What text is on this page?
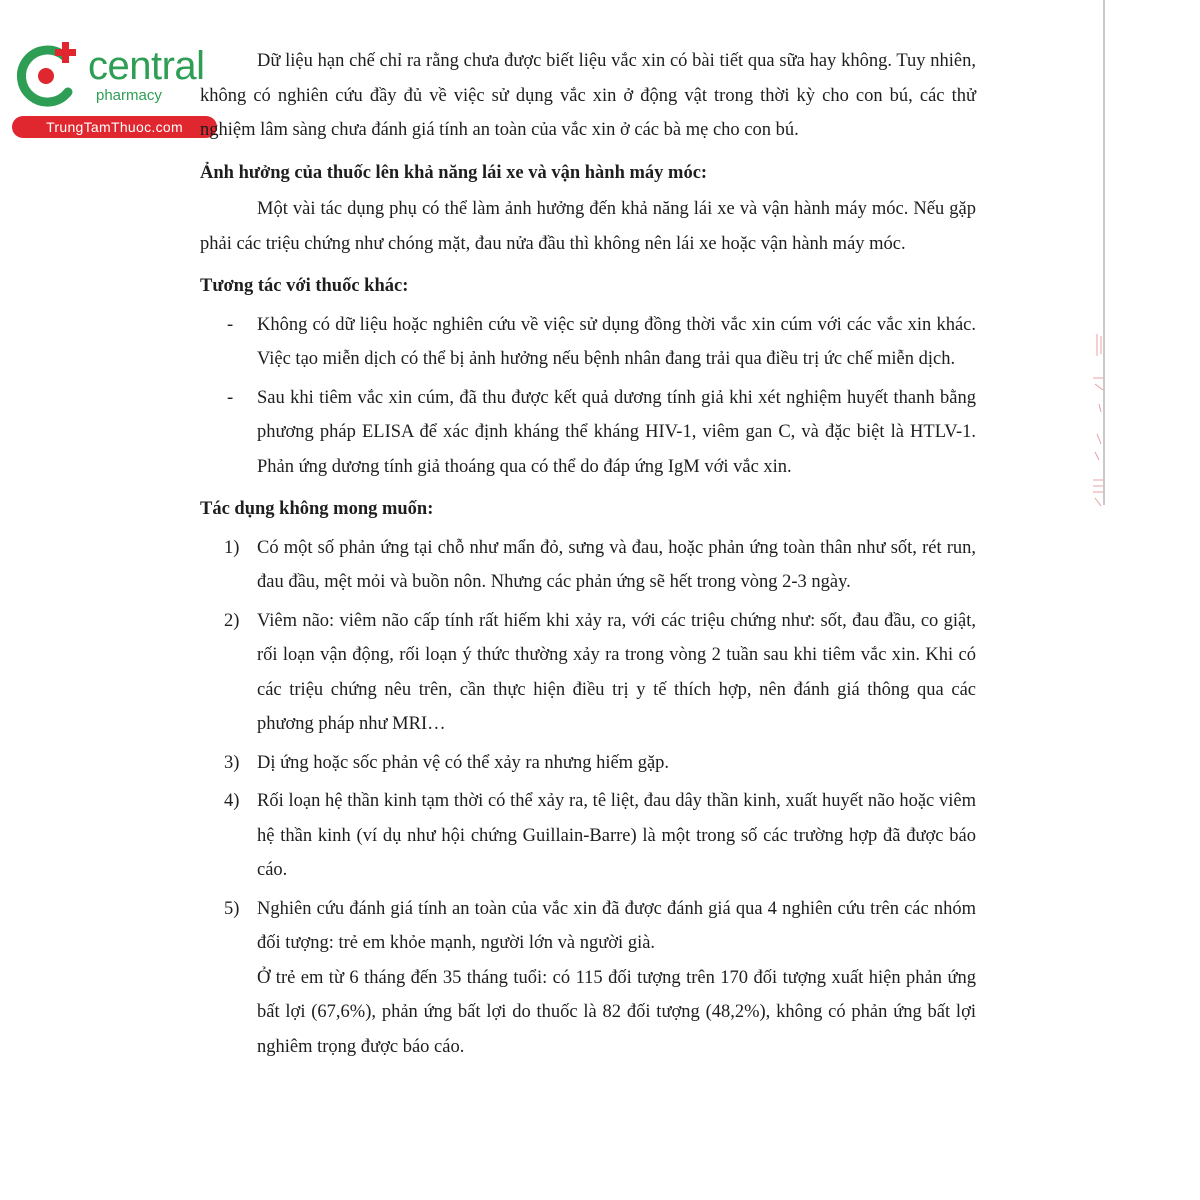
central
pharmacy
TrungTamThuoc.com

Dữ liệu hạn chế chỉ ra rằng chưa được biết liệu vắc xin có bài tiết qua sữa hay không. Tuy nhiên, không có nghiên cứu đầy đủ về việc sử dụng vắc xin ở động vật trong thời kỳ cho con bú, các thử nghiệm lâm sàng chưa đánh giá tính an toàn của vắc xin ở các bà mẹ cho con bú.

Ảnh hưởng của thuốc lên khả năng lái xe và vận hành máy móc:

Một vài tác dụng phụ có thể làm ảnh hưởng đến khả năng lái xe và vận hành máy móc. Nếu gặp phải các triệu chứng như chóng mặt, đau nửa đầu thì không nên lái xe hoặc vận hành máy móc.

Tương tác với thuốc khác:

- Không có dữ liệu hoặc nghiên cứu về việc sử dụng đồng thời vắc xin cúm với các vắc xin khác. Việc tạo miễn dịch có thể bị ảnh hưởng nếu bệnh nhân đang trải qua điều trị ức chế miễn dịch.
- Sau khi tiêm vắc xin cúm, đã thu được kết quả dương tính giả khi xét nghiệm huyết thanh bằng phương pháp ELISA để xác định kháng thể kháng HIV-1, viêm gan C, và đặc biệt là HTLV-1. Phản ứng dương tính giả thoáng qua có thể do đáp ứng IgM với vắc xin.

Tác dụng không mong muốn:

1) Có một số phản ứng tại chỗ như mẩn đỏ, sưng và đau, hoặc phản ứng toàn thân như sốt, rét run, đau đầu, mệt mỏi và buồn nôn. Nhưng các phản ứng sẽ hết trong vòng 2-3 ngày.
2) Viêm não: viêm não cấp tính rất hiếm khi xảy ra, với các triệu chứng như: sốt, đau đầu, co giật, rối loạn vận động, rối loạn ý thức thường xảy ra trong vòng 2 tuần sau khi tiêm vắc xin. Khi có các triệu chứng nêu trên, cần thực hiện điều trị y tế thích hợp, nên đánh giá thông qua các phương pháp như MRI…
3) Dị ứng hoặc sốc phản vệ có thể xảy ra nhưng hiếm gặp.
4) Rối loạn hệ thần kinh tạm thời có thể xảy ra, tê liệt, đau dây thần kinh, xuất huyết não hoặc viêm hệ thần kinh (ví dụ như hội chứng Guillain-Barre) là một trong số các trường hợp đã được báo cáo.
5) Nghiên cứu đánh giá tính an toàn của vắc xin đã được đánh giá qua 4 nghiên cứu trên các nhóm đối tượng: trẻ em khỏe mạnh, người lớn và người già.
Ở trẻ em từ 6 tháng đến 35 tháng tuổi: có 115 đối tượng trên 170 đối tượng xuất hiện phản ứng bất lợi (67,6%), phản ứng bất lợi do thuốc là 82 đối tượng (48,2%), không có phản ứng bất lợi nghiêm trọng được báo cáo.
